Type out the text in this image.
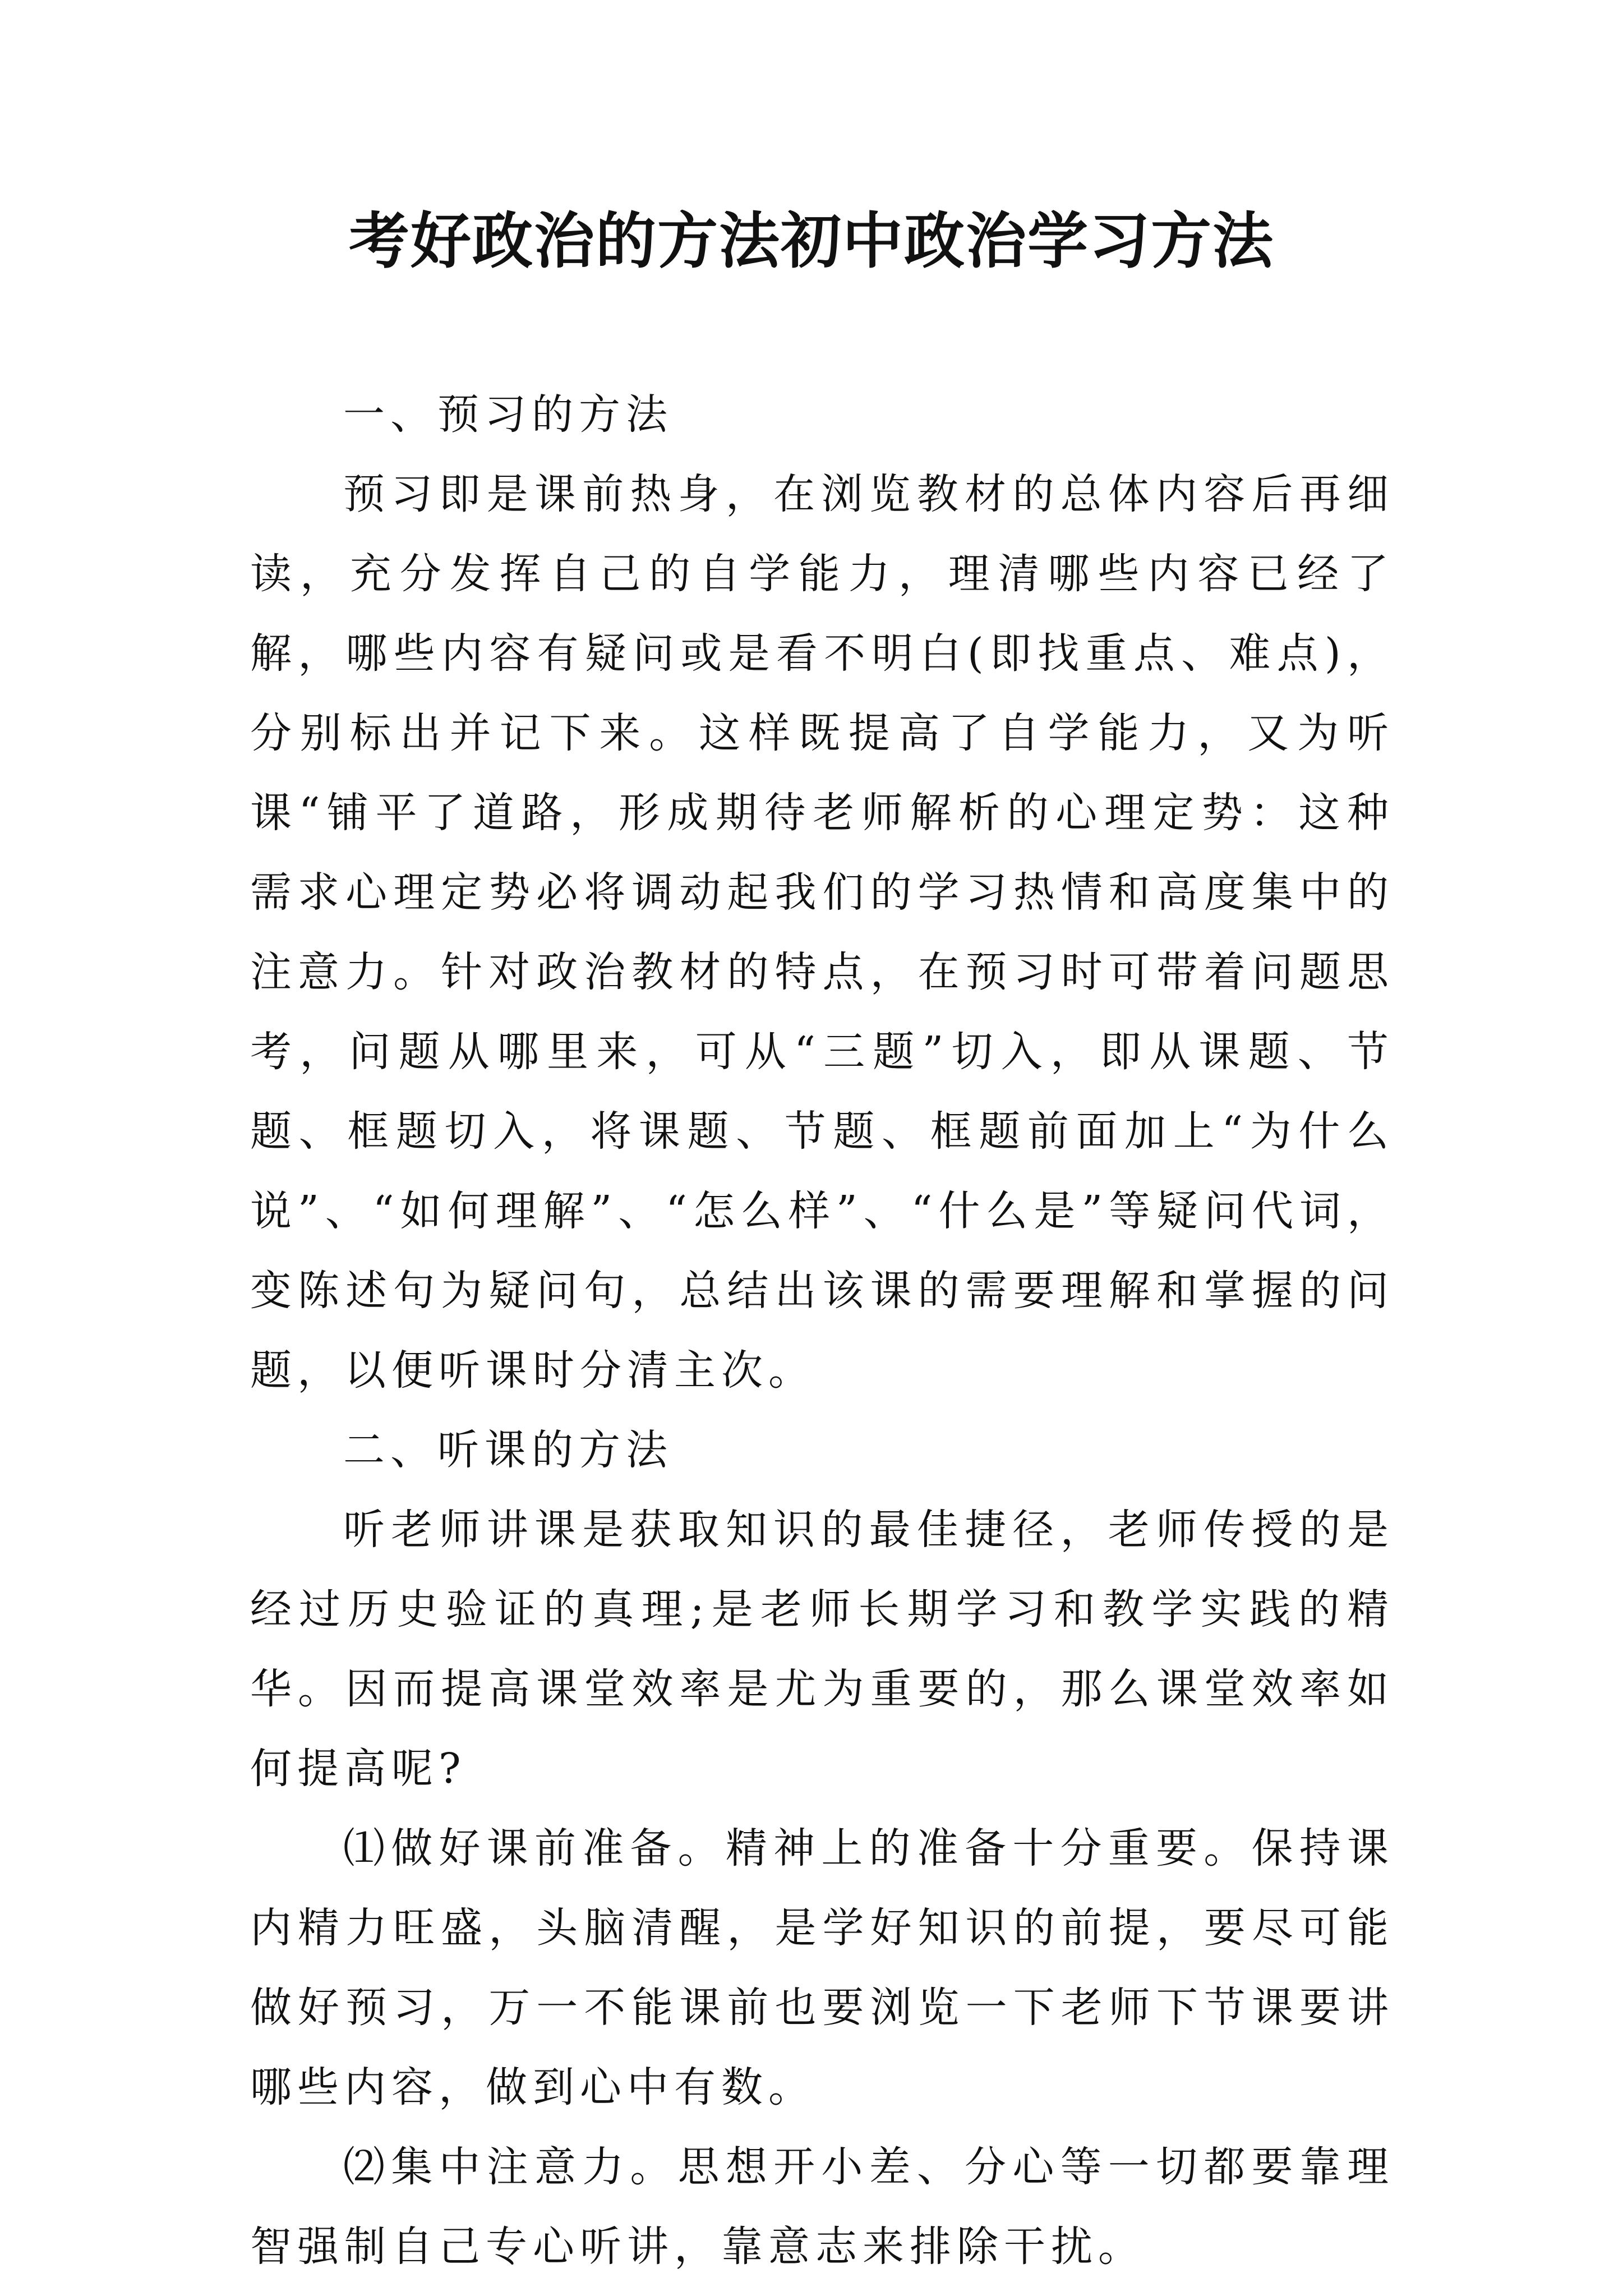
考好政治的方法初中政治学习方法

一、预习的方法

预习即是课前热身，在浏览教材的总体内容后再细读，充分发挥自己的自学能力，理清哪些内容已经了解，哪些内容有疑问或是看不明白(即找重点、难点)，分别标出并记下来。这样既提高了自学能力，又为听课“铺平了道路，形成期待老师解析的心理定势：这种需求心理定势必将调动起我们的学习热情和高度集中的注意力。针对政治教材的特点，在预习时可带着问题思考，问题从哪里来，可从“三题”切入，即从课题、节题、框题切入，将课题、节题、框题前面加上“为什么说”、“如何理解”、“怎么样”、“什么是”等疑问代词，变陈述句为疑问句，总结出该课的需要理解和掌握的问题，以便听课时分清主次。

二、听课的方法

听老师讲课是获取知识的最佳捷径，老师传授的是经过历史验证的真理;是老师长期学习和教学实践的精华。因而提高课堂效率是尤为重要的，那么课堂效率如何提高呢?

⑴做好课前准备。精神上的准备十分重要。保持课内精力旺盛，头脑清醒，是学好知识的前提，要尽可能做好预习，万一不能课前也要浏览一下老师下节课要讲哪些内容，做到心中有数。

⑵集中注意力。思想开小差、分心等一切都要靠理智强制自己专心听讲，靠意志来排除干扰。
